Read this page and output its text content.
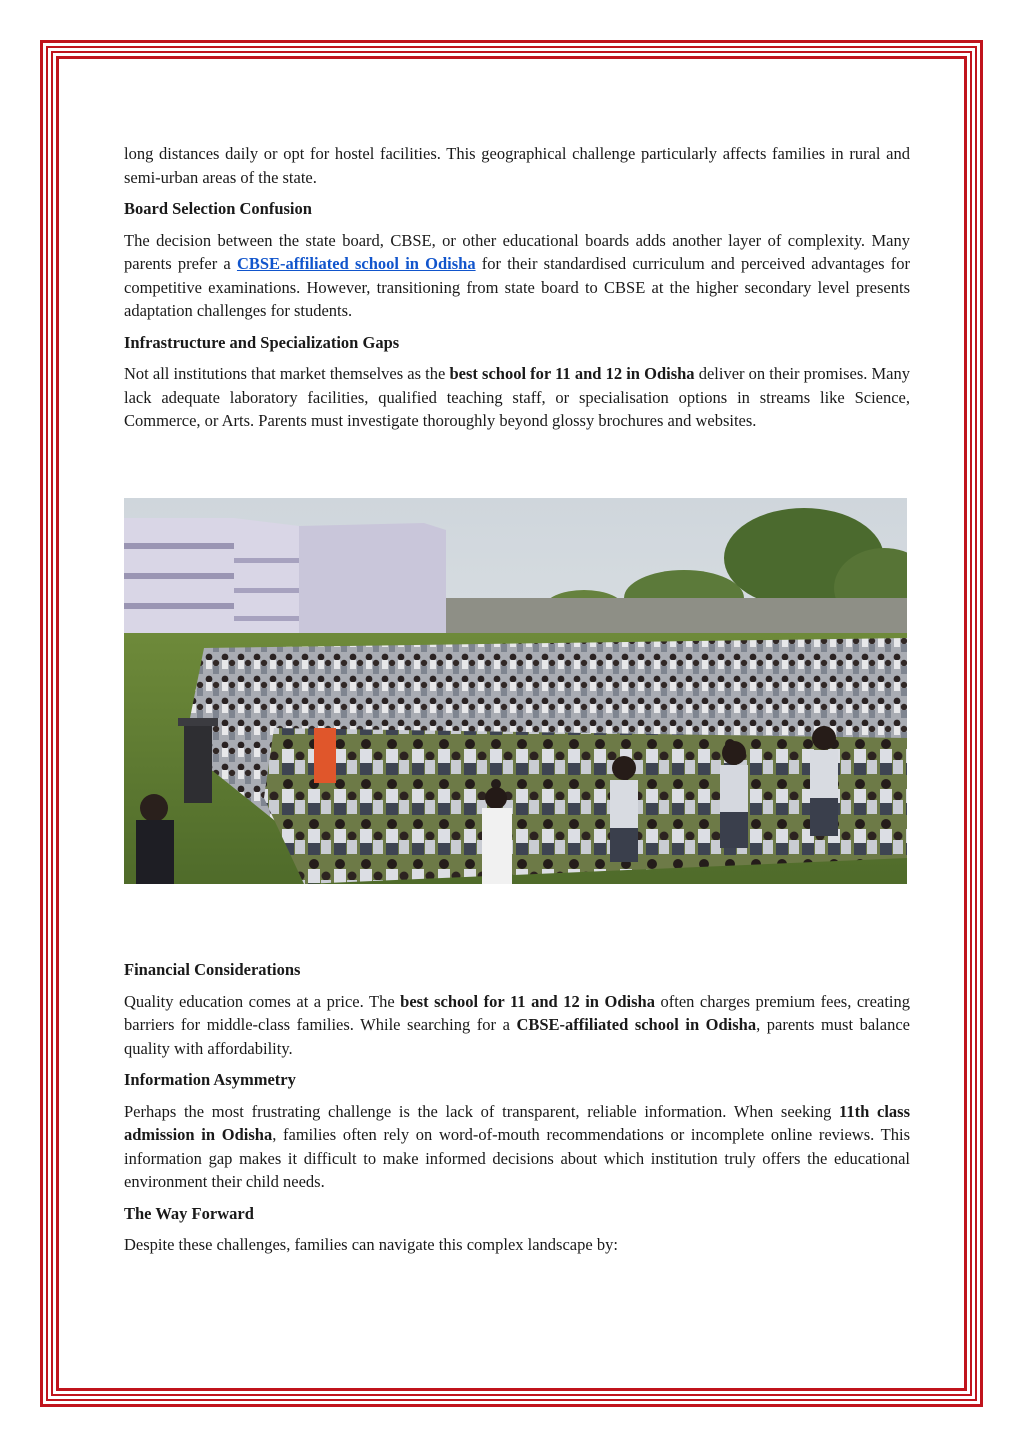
long distances daily or opt for hostel facilities. This geographical challenge particularly affects families in rural and semi-urban areas of the state.

Board Selection Confusion

The decision between the state board, CBSE, or other educational boards adds another layer of complexity. Many parents prefer a CBSE-affiliated school in Odisha for their standardised curriculum and perceived advantages for competitive examinations. However, transitioning from state board to CBSE at the higher secondary level presents adaptation challenges for students.

Infrastructure and Specialization Gaps

Not all institutions that market themselves as the best school for 11 and 12 in Odisha deliver on their promises. Many lack adequate laboratory facilities, qualified teaching staff, or specialisation options in streams like Science, Commerce, or Arts. Parents must investigate thoroughly beyond glossy brochures and websites.

Financial Considerations

Quality education comes at a price. The best school for 11 and 12 in Odisha often charges premium fees, creating barriers for middle-class families. While searching for a CBSE-affiliated school in Odisha, parents must balance quality with affordability.

Information Asymmetry

Perhaps the most frustrating challenge is the lack of transparent, reliable information. When seeking 11th class admission in Odisha, families often rely on word-of-mouth recommendations or incomplete online reviews. This information gap makes it difficult to make informed decisions about which institution truly offers the educational environment their child needs.

The Way Forward

Despite these challenges, families can navigate this complex landscape by:
